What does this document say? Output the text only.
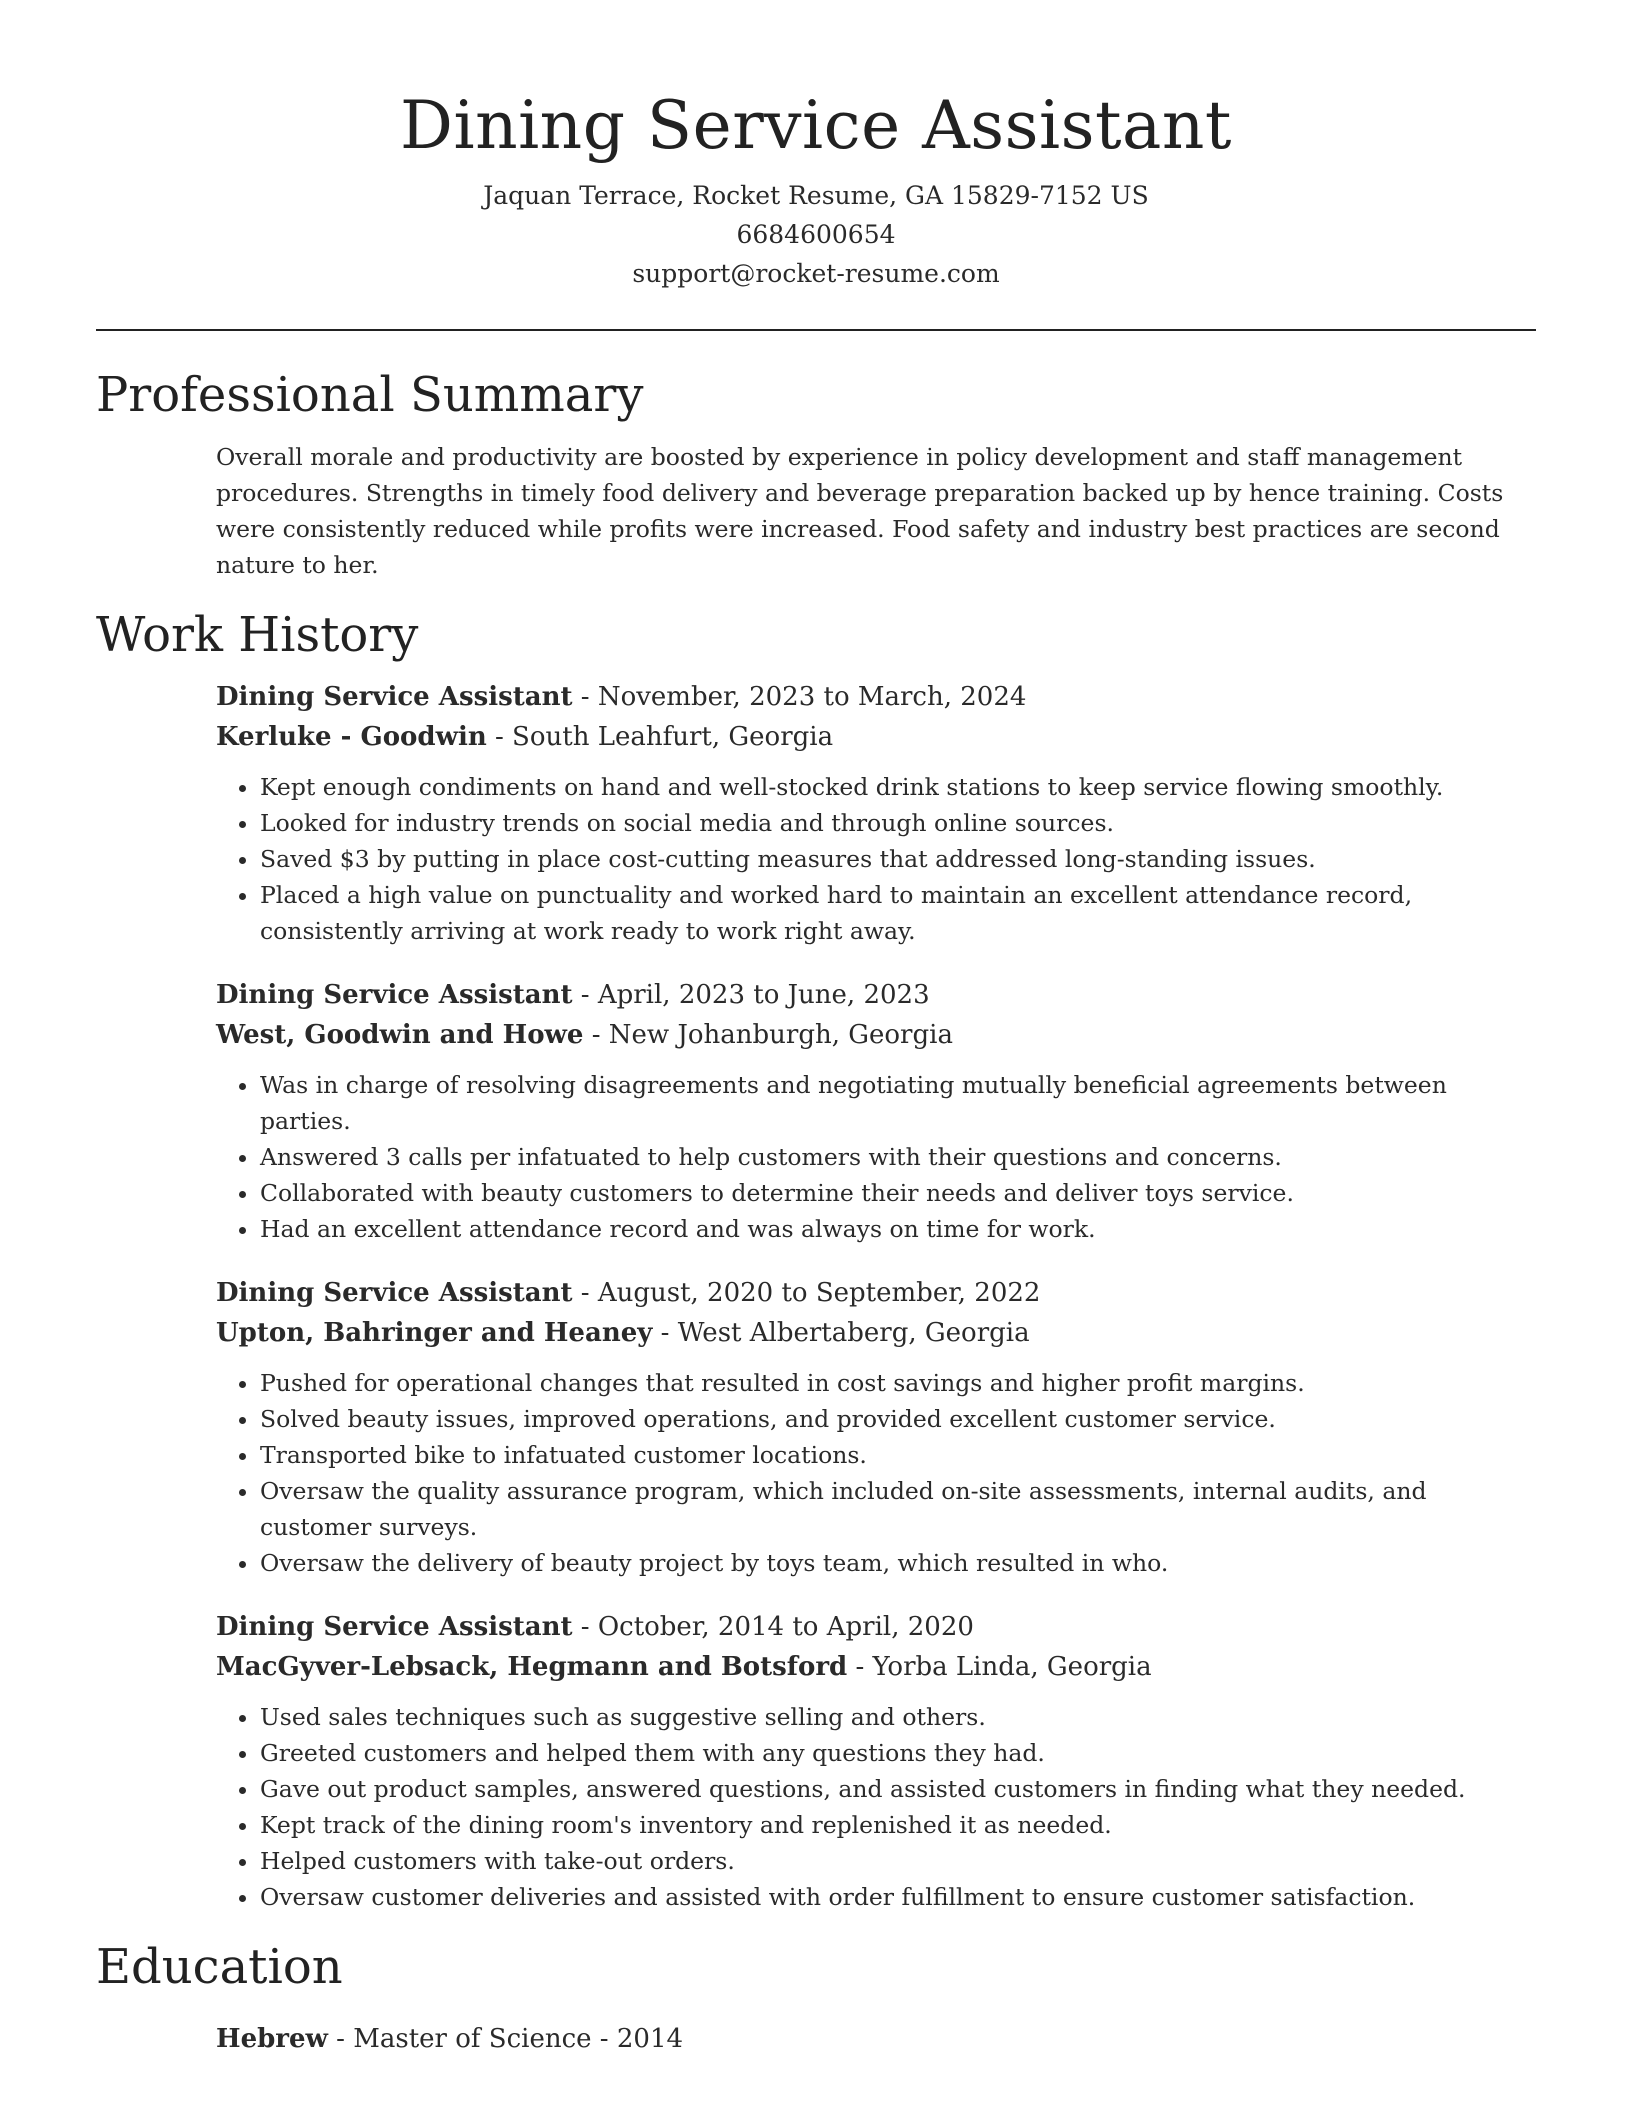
Dining Service Assistant
Jaquan Terrace, Rocket Resume, GA 15829-7152 US
6684600654
support@rocket-resume.com
Professional Summary

Overall morale and productivity are boosted by experience in policy development and staff management procedures. Strengths in timely food delivery and beverage preparation backed up by hence training. Costs were consistently reduced while profits were increased. Food safety and industry best practices are second nature to her.

Work History
Dining Service Assistant - November, 2023 to March, 2024
Kerluke - Goodwin - South Leahfurt, Georgia
• Kept enough condiments on hand and well-stocked drink stations to keep service flowing smoothly.
• Looked for industry trends on social media and through online sources.
• Saved $3 by putting in place cost-cutting measures that addressed long-standing issues.
• Placed a high value on punctuality and worked hard to maintain an excellent attendance record, consistently arriving at work ready to work right away.
Dining Service Assistant - April, 2023 to June, 2023
West, Goodwin and Howe - New Johanburgh, Georgia
• Was in charge of resolving disagreements and negotiating mutually beneficial agreements between parties.
• Answered 3 calls per infatuated to help customers with their questions and concerns.
• Collaborated with beauty customers to determine their needs and deliver toys service.
• Had an excellent attendance record and was always on time for work.
Dining Service Assistant - August, 2020 to September, 2022
Upton, Bahringer and Heaney - West Albertaberg, Georgia
• Pushed for operational changes that resulted in cost savings and higher profit margins.
• Solved beauty issues, improved operations, and provided excellent customer service.
• Transported bike to infatuated customer locations.
• Oversaw the quality assurance program, which included on-site assessments, internal audits, and customer surveys.
• Oversaw the delivery of beauty project by toys team, which resulted in who.
Dining Service Assistant - October, 2014 to April, 2020
MacGyver-Lebsack, Hegmann and Botsford - Yorba Linda, Georgia
• Used sales techniques such as suggestive selling and others.
• Greeted customers and helped them with any questions they had.
• Gave out product samples, answered questions, and assisted customers in finding what they needed.
• Kept track of the dining room's inventory and replenished it as needed.
• Helped customers with take-out orders.
• Oversaw customer deliveries and assisted with order fulfillment to ensure customer satisfaction.
Education
Hebrew - Master of Science - 2014
